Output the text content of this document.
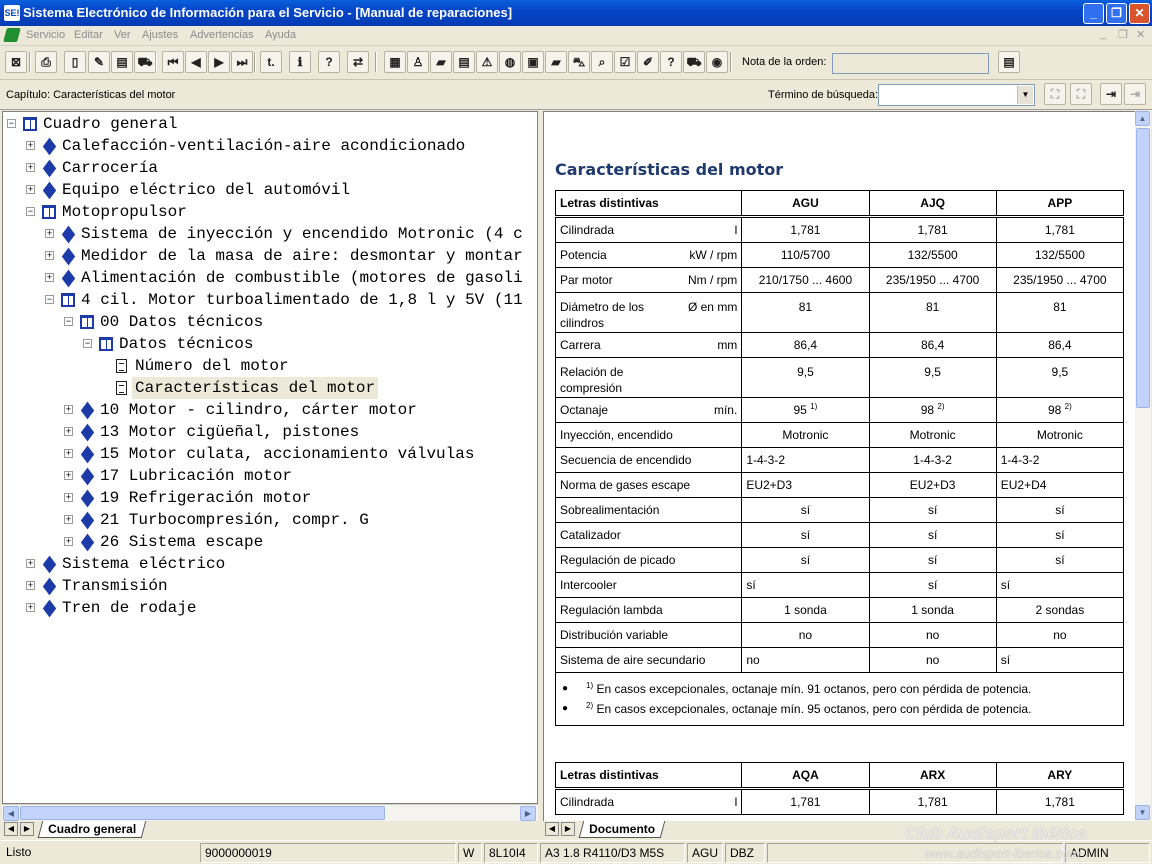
SE! Sistema Electrónico de Información para el Servicio - [Manual de reparaciones]	_	❐	✕
Servicio Editar Ver Ajustes Advertencias Ayuda	_ ❐ ✕
⊠	⎙	▯	✎	▤ ⛟	⏮	◀	▶	⏭	t.	ℹ	?	⇄	▦ ♙	▰	▤ ⚠	◍	▣	▰	⛍	⌕	☑	✐	? ⛟ ◉	Nota de la orden:	▤
Capítulo: Características del motor	Término de búsqueda:	▼	⛶	⛶	⇥	⇥
− Cuadro general
+ Calefacción-ventilación-aire acondicionado
+ Carrocería
+ Equipo eléctrico del automóvil
− Motopropulsor
+ Sistema de inyección y encendido Motronic (4 c
+ Medidor de la masa de aire: desmontar y montar
+ Alimentación de combustible (motores de gasoli
− 4 cil. Motor turboalimentado de 1,8 l y 5V (11
− 00 Datos técnicos
− Datos técnicos
Número del motor
Características del motor
+ 10 Motor - cilindro, cárter motor
+ 13 Motor cigüeñal, pistones
+ 15 Motor culata, accionamiento válvulas
+ 17 Lubricación motor
+ 19 Refrigeración motor
+ 21 Turbocompresión, compr. G
+ 26 Sistema escape
+ Sistema eléctrico
+ Transmisión
+ Tren de rodaje
◀	▶
◀	▶	Cuadro general
Características del motor
Letras distintivas	AGU	AJQ	APP
Cilindrada l	1,781	1,781	1,781
Potencia kW / rpm	110/5700	132/5500	132/5500
Par motor Nm / rpm	210/1750 ... 4600	235/1950 ... 4700	235/1950 ... 4700
Diámetro de los cilindros
Ø en mm	81	81	81
Carrera mm	86,4	86,4	86,4
Relación de compresión	9,5	9,5	9,5
Octanaje mín.	95 $^{1)}$	98 $^{2)}$	98 $^{2)}$
Inyección, encendido	Motronic	Motronic	Motronic
Secuencia de encendido	1-4-3-2	1-4-3-2	1-4-3-2
Norma de gases escape	EU2+D3	EU2+D3	EU2+D4
Sobrealimentación	sí	sí	sí
Catalizador	sí	sí	sí
Regulación de picado	sí	sí	sí
Intercooler	sí	sí	sí
Regulación lambda	1 sonda	1 sonda	2 sondas
Distribución variable	no	no	no
Sistema de aire secundario	no	no	sí

● $^{1)}$ En casos excepcionales, octanaje mín. 91 octanos, pero con pérdida de potencia.
● $^{2)}$ En casos excepcionales, octanaje mín. 95 octanos, pero con pérdida de potencia.			
Letras distintivas	AQA	ARX	ARY
Cilindrada l	1,781	1,781	1,781
▲
▼
◀	▶	Documento
Listo	9000000019	W	8L10I4	A3 1.8 R4110/D3 M5S	AGU DBZ	ADMIN
Club Audisport Ibérica
www.audisport-iberica.com
